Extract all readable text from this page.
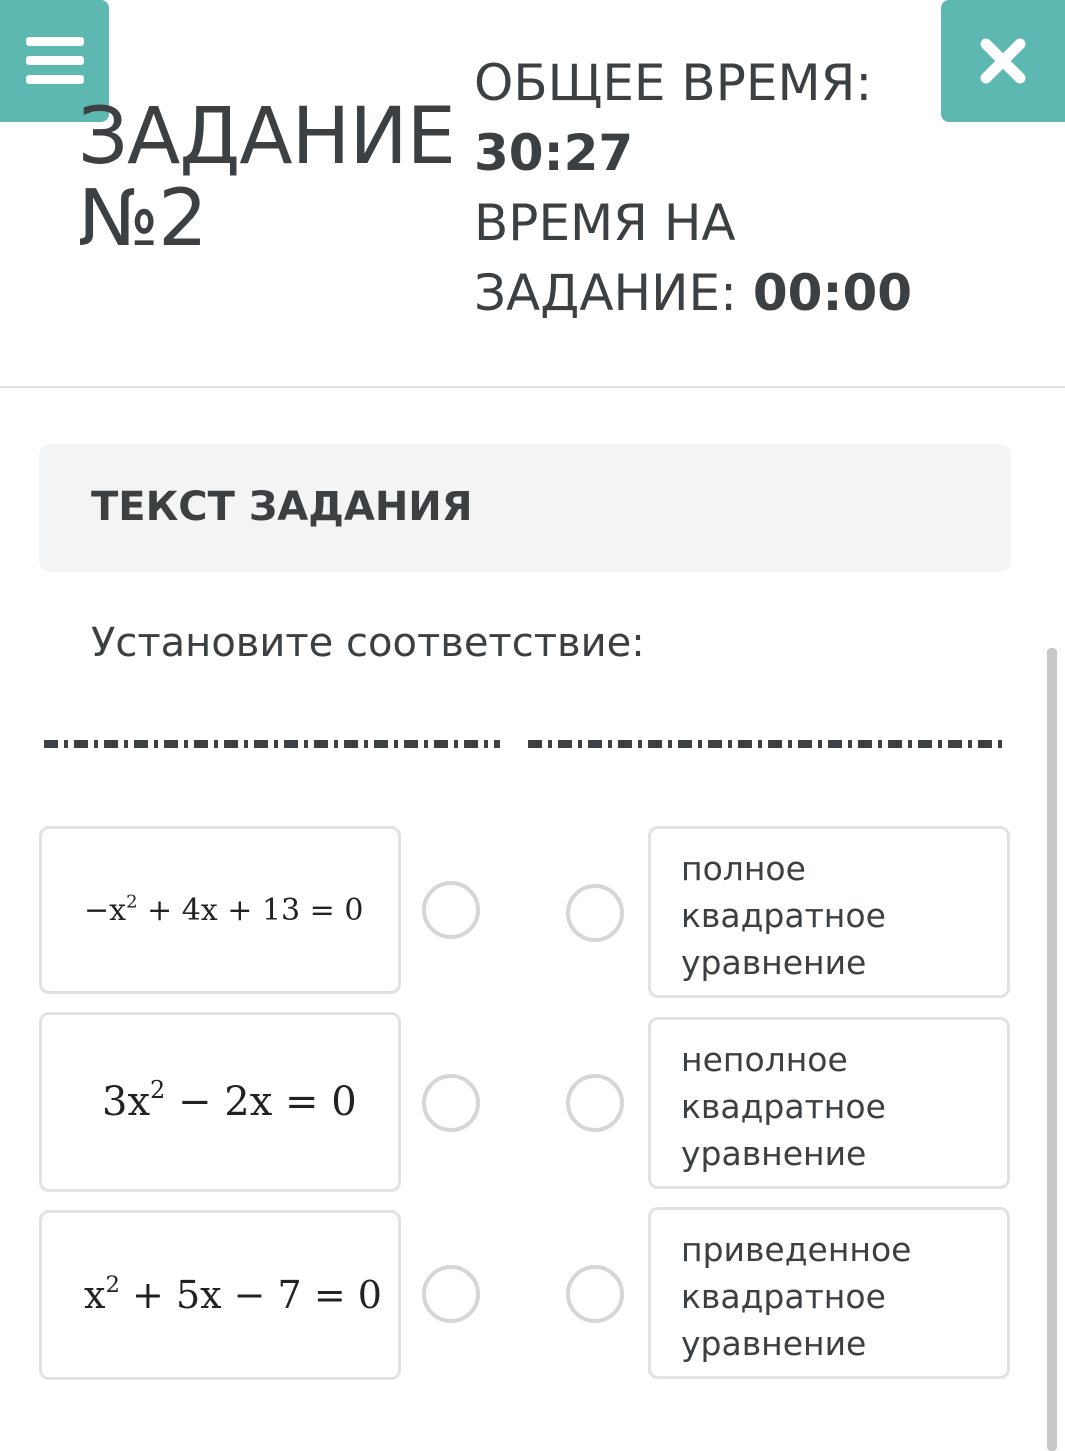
ЗАДАНИЕ
№2
ОБЩЕЕ ВРЕМЯ:
30:27
ВРЕМЯ НА
ЗАДАНИЕ: 00:00
ТЕКСТ ЗАДАНИЯ
Установите соответствие:
$-x^2 + 4x + 13 = 0$
$3x^2 - 2x = 0$
$x^2 + 5x - 7 = 0$
полное
квадратное
уравнение
неполное
квадратное
уравнение
приведенное
квадратное
уравнение
